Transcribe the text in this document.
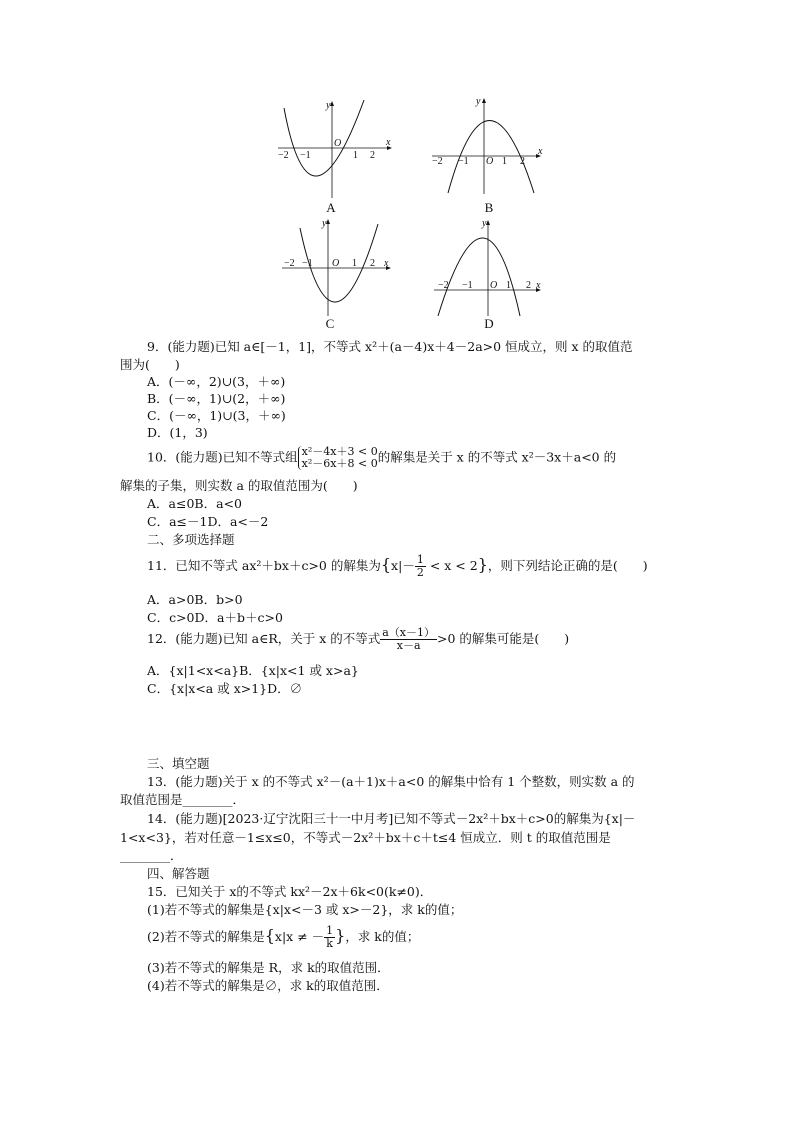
y
x
O
−2 −1	1 2
A
y
x
O
−2 −1	1 2
B
y
x
O
−2 −1	1 2
C
y
x
O
−2 −1	1 2
D
9．(能力题)已知 a∈[－1，1]，不等式 x²＋(a－4)x＋4－2a>0 恒成立，则 x 的取值范
围为(　　)
A．(－∞，2)∪(3，＋∞)
B．(－∞，1)∪(2，＋∞)
C．(－∞，1)∪(3，＋∞)
D．(1，3)
10．(能力题)已知不等式组 x²－4x＋3 < 0
x²－6x＋8 < 0 的解集是关于 x 的不等式 x²－3x＋a<0 的
解集的子集，则实数 a 的取值范围为(　　)
A．a≤0B．a<0
C．a≤－1D．a<－2
二、多项选择题
11．已知不等式 ax²＋bx＋c>0 的解集为$\{x|- \frac{1}{2} < x < 2\}$，则下列结论正确的是(　　)
A．a>0B．b>0
C．c>0D．a＋b＋c>0
12．(能力题)已知 a∈R，关于 x 的不等式 $\frac{a(x-1)}{x-a} >0$ 的解集可能是(　　)
A．{x|1<x<a}B．{x|x<1 或 x>a}
C．{x|x<a 或 x>1}D．∅
三、填空题
13．(能力题)关于 x 的不等式 x²－(a＋1)x＋a<0 的解集中恰有 1 个整数，则实数 a 的
取值范围是________．
14．(能力题)[2023·辽宁沈阳三十一中月考]已知不等式－2x²＋bx＋c>0的解集为{x|－
1<x<3}，若对任意－1≤x≤0，不等式－2x²＋bx＋c＋t≤4 恒成立．则 t 的取值范围是
________．
四、解答题
15．已知关于 x的不等式 kx²－2x＋6k<0(k≠0)．
(1)若不等式的解集是{x|x<－3 或 x>－2}，求 k的值；
(2)若不等式的解集是{x|x ≠ － $\frac{1}{k}$ }，求 k的值；
(3)若不等式的解集是 R，求 k的取值范围．
(4)若不等式的解集是∅，求 k的取值范围．
